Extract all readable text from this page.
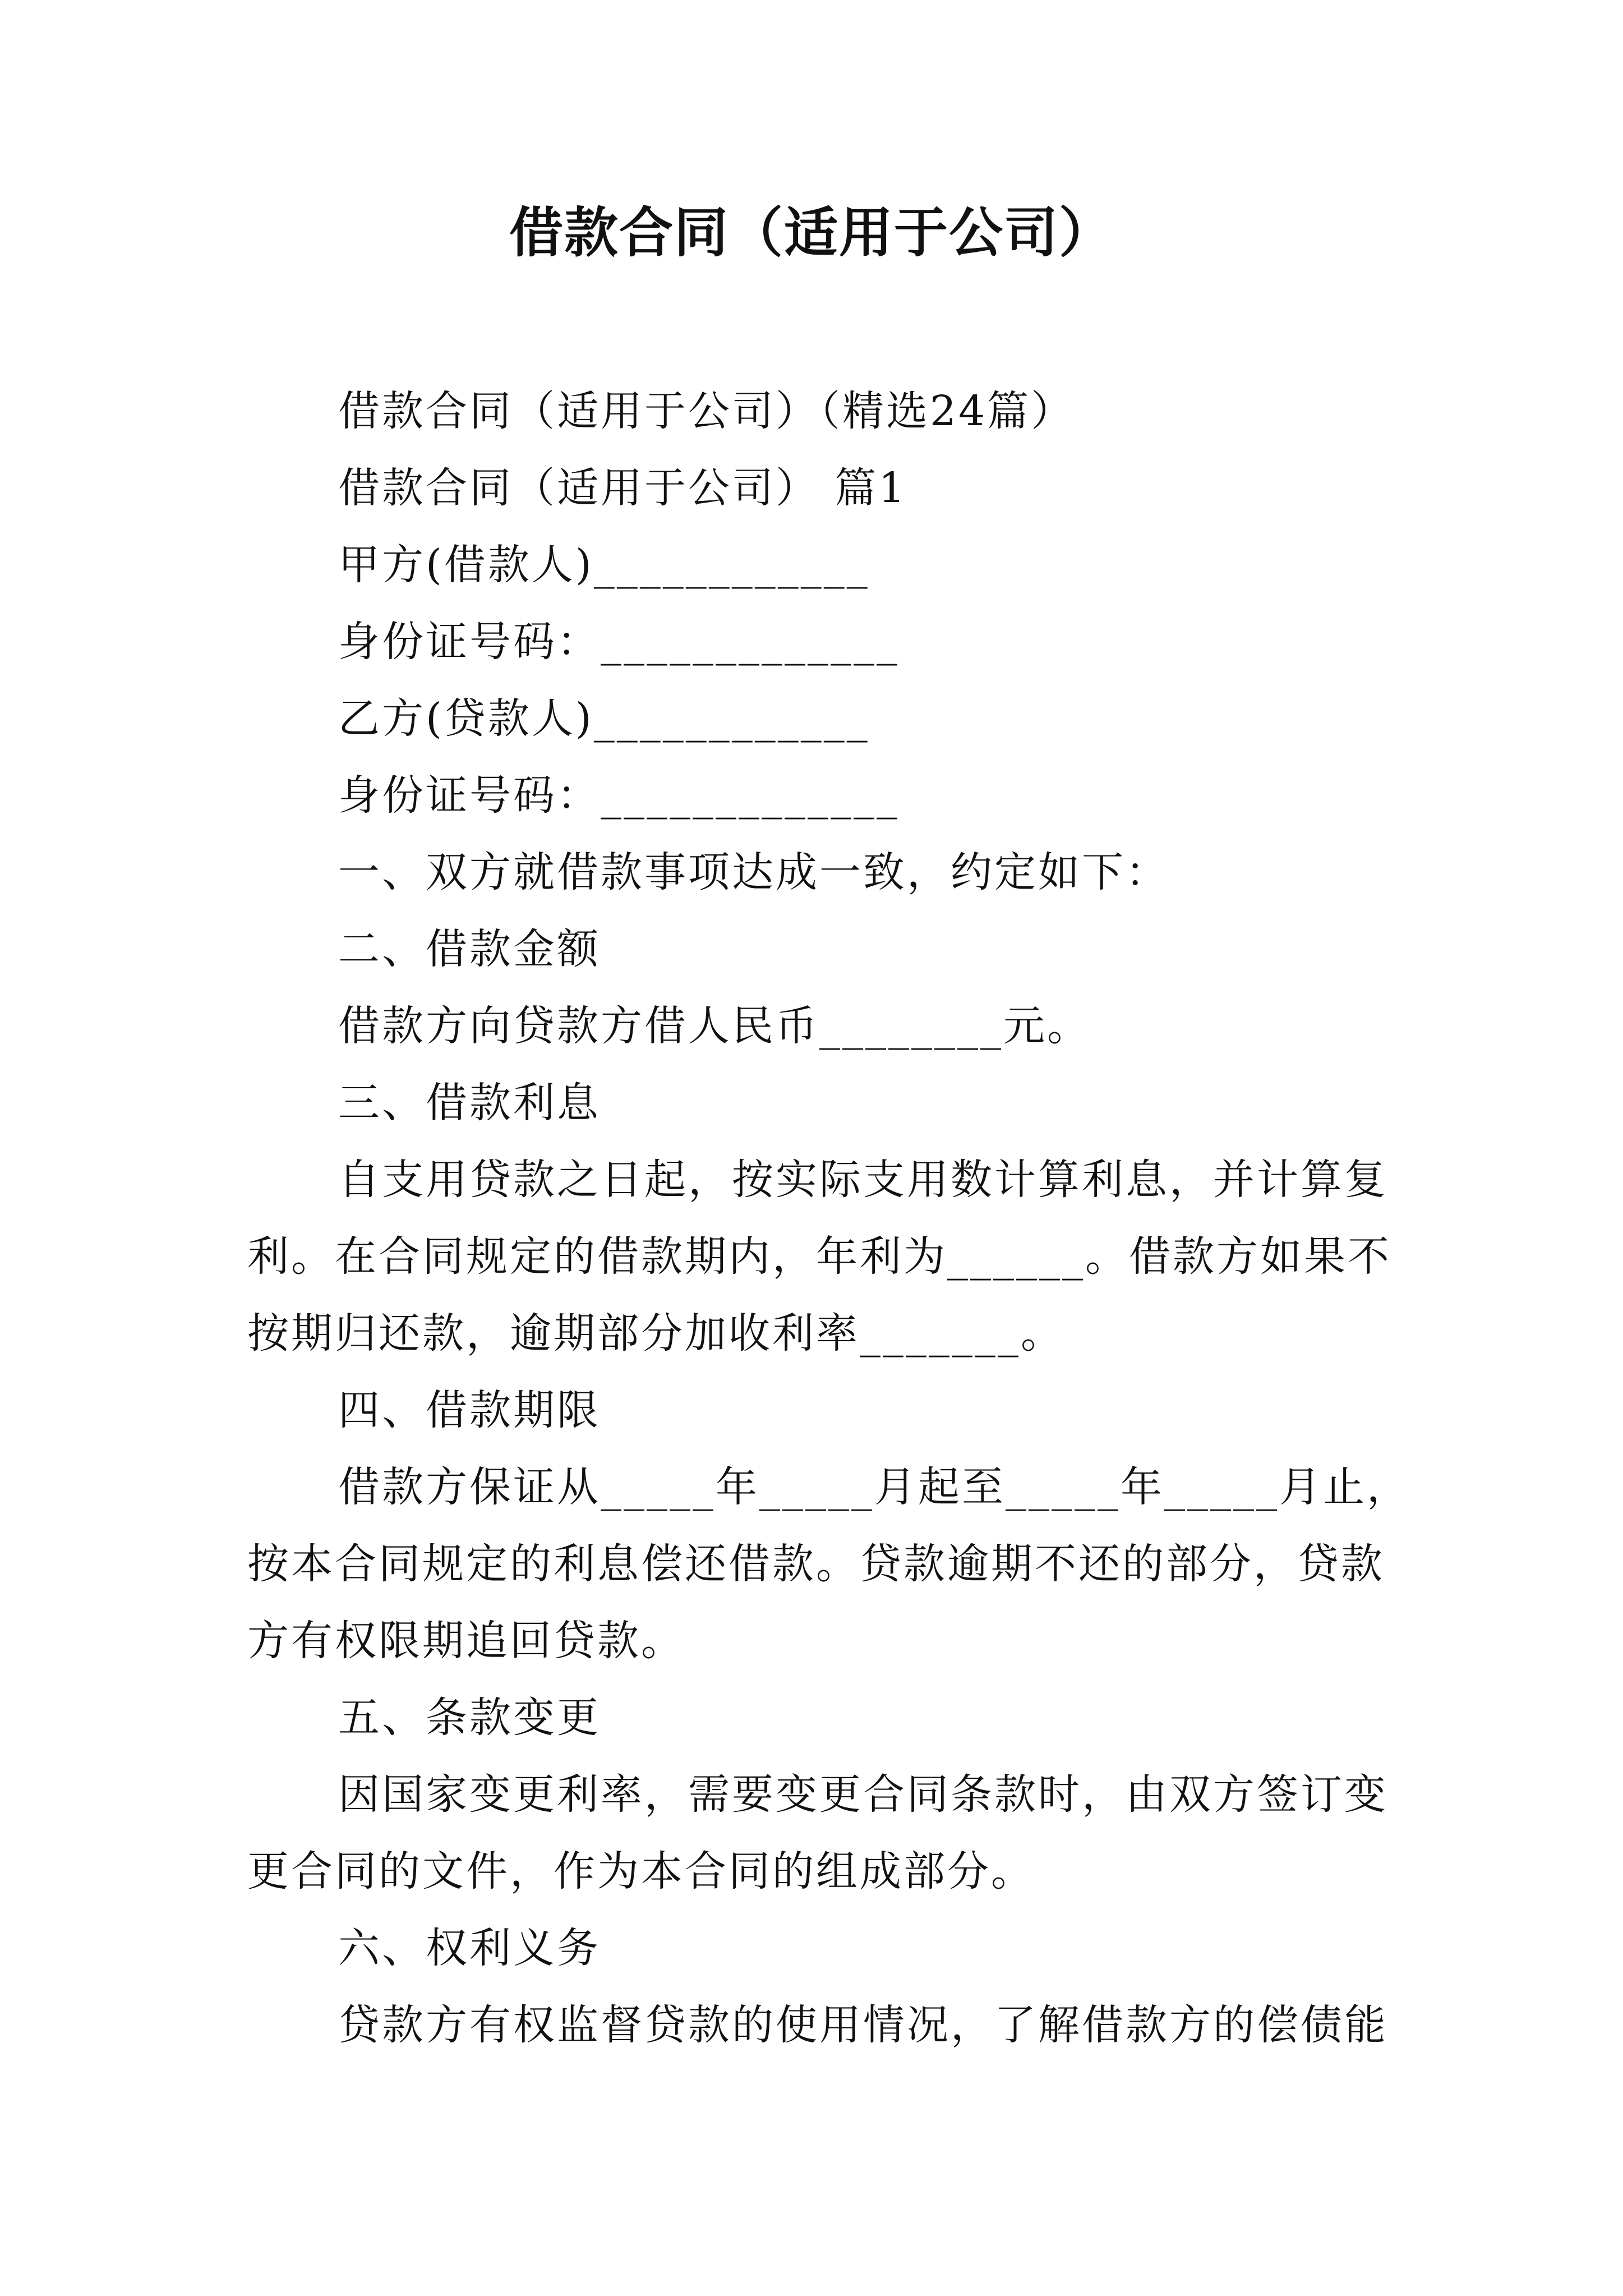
借款合同（适用于公司）
借款合同（适用于公司）（精选24篇）
借款合同（适用于公司） 篇1
甲方(借款人)____________
身份证号码：_____________
乙方(贷款人)____________
身份证号码：_____________
一、双方就借款事项达成一致，约定如下：
二、借款金额
借款方向贷款方借人民币________元。
三、借款利息
自支用贷款之日起，按实际支用数计算利息，并计算复
利。在合同规定的借款期内，年利为______。借款方如果不
按期归还款，逾期部分加收利率_______。
四、借款期限
借款方保证从_____年_____月起至_____年_____月止，
按本合同规定的利息偿还借款。贷款逾期不还的部分，贷款
方有权限期追回贷款。
五、条款变更
因国家变更利率，需要变更合同条款时，由双方签订变
更合同的文件，作为本合同的组成部分。
六、权利义务
贷款方有权监督贷款的使用情况，了解借款方的偿债能
